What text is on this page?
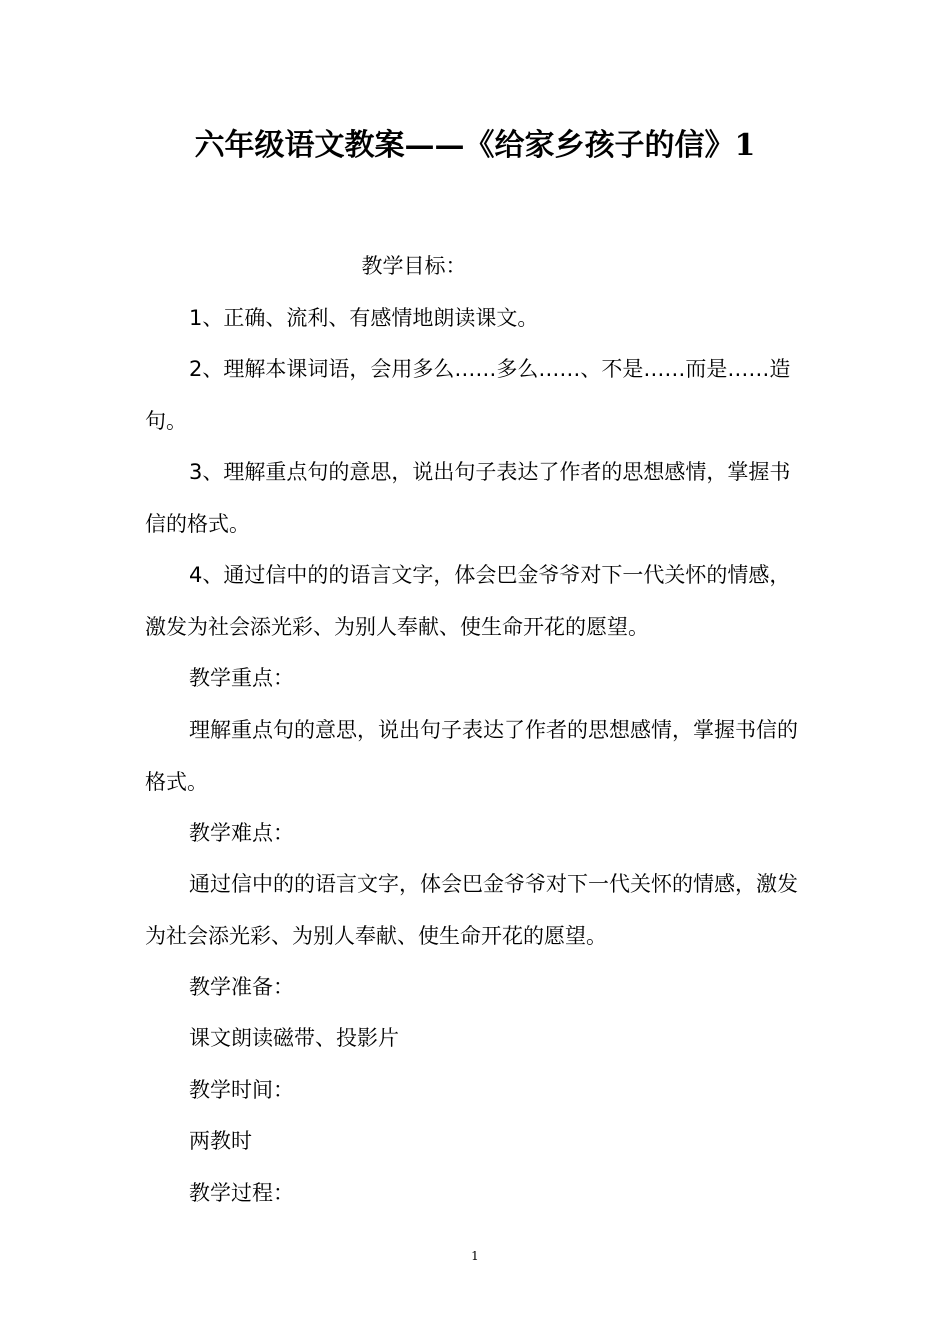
六年级语文教案——《给家乡孩子的信》1
教学目标：
1、正确、流利、有感情地朗读课文。
2、理解本课词语，会用多么……多么……、不是……而是……造句。
3、理解重点句的意思，说出句子表达了作者的思想感情，掌握书信的格式。
4、通过信中的的语言文字，体会巴金爷爷对下一代关怀的情感，激发为社会添光彩、为别人奉献、使生命开花的愿望。
教学重点：
理解重点句的意思，说出句子表达了作者的思想感情，掌握书信的格式。
教学难点：
通过信中的的语言文字，体会巴金爷爷对下一代关怀的情感，激发为社会添光彩、为别人奉献、使生命开花的愿望。
教学准备：
课文朗读磁带、投影片
教学时间：
两教时
教学过程：
1
